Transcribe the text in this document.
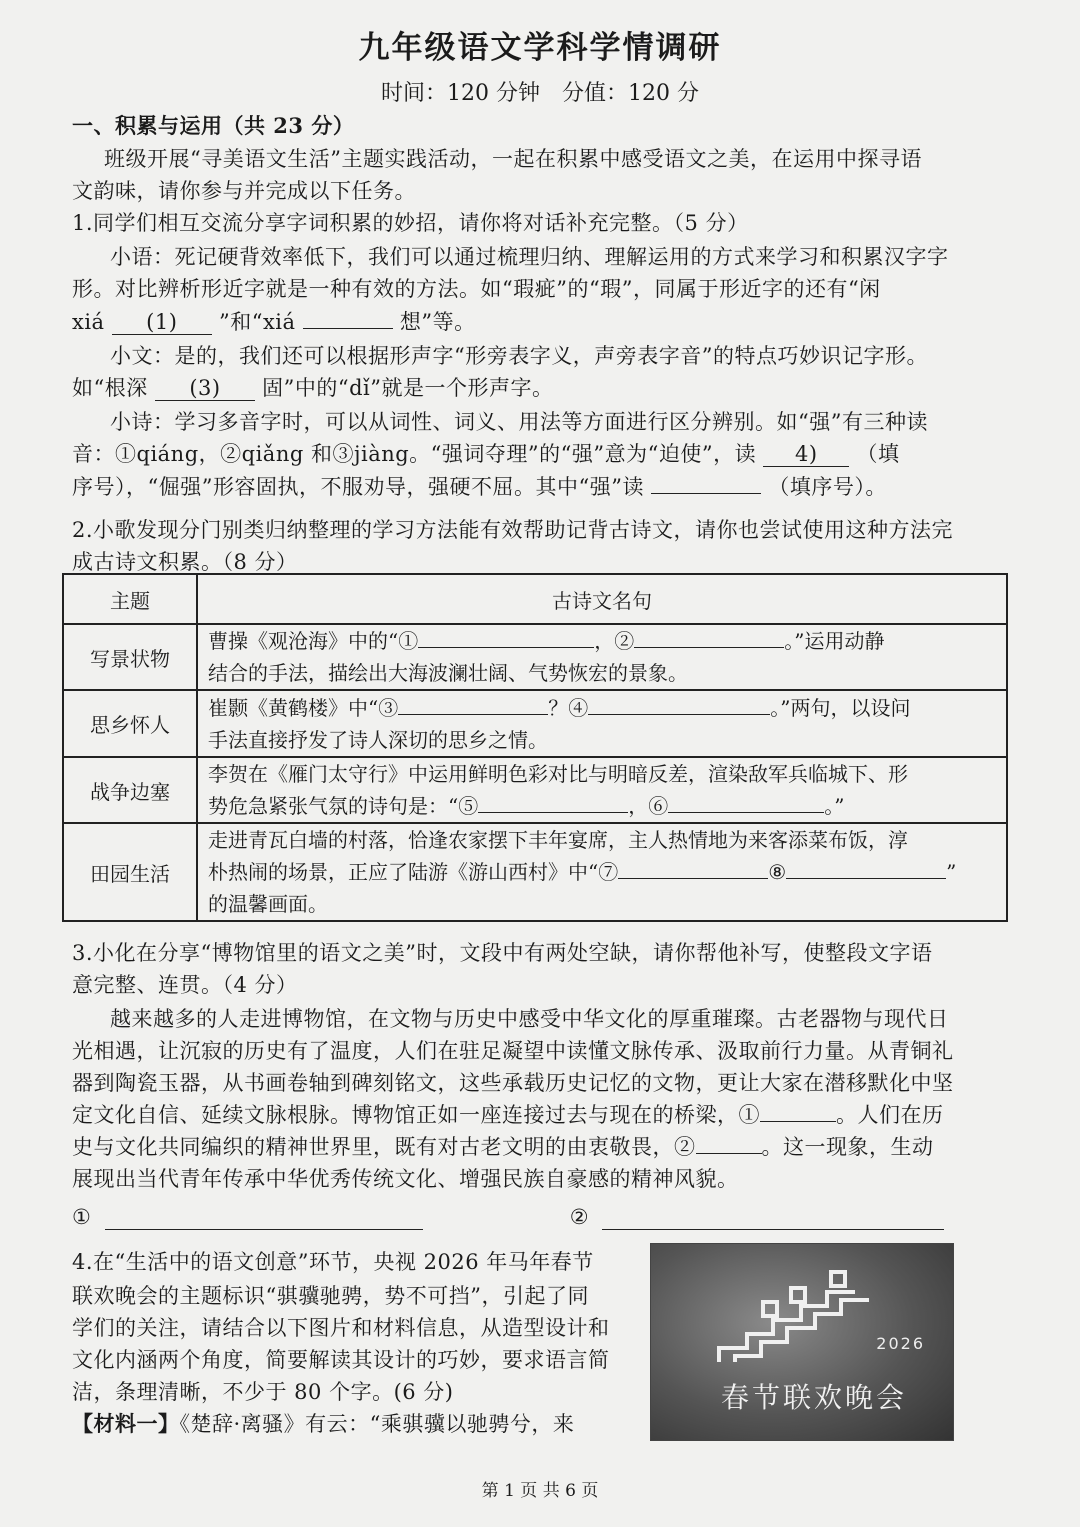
九年级语文学科学情调研
时间：120 分钟　分值：120 分
一、积累与运用（共 23 分）
班级开展“寻美语文生活”主题实践活动，一起在积累中感受语文之美，在运用中探寻语
文韵味，请你参与并完成以下任务。
1.同学们相互交流分享字词积累的妙招，请你将对话补充完整。（5 分）
小语：死记硬背效率低下，我们可以通过梳理归纳、理解运用的方式来学习和积累汉字字
形。对比辨析形近字就是一种有效的方法。如“瑕疵”的“瑕”，同属于形近字的还有“闲
xiá (1) ”和“xiá	想”等。
小文：是的，我们还可以根据形声字“形旁表字义，声旁表字音”的特点巧妙识记字形。
如“根深 (3) 固”中的“dǐ”就是一个形声字。
小诗：学习多音字时，可以从词性、词义、用法等方面进行区分辨别。如“强”有三种读
音：①qiáng，②qiǎng 和③jiàng。“强词夺理”的“强”意为“迫使”，读 4) （填
序号），“倔强”形容固执，不服劝导，强硬不屈。其中“强”读	（填序号）。
2.小歌发现分门别类归纳整理的学习方法能有效帮助记背古诗文，请你也尝试使用这种方法完
成古诗文积累。（8 分）
主题	古诗文名句
写景状物	曹操《观沧海》中的“① ，② 。”运用动静
结合的手法，描绘出大海波澜壮阔、气势恢宏的景象。

思乡怀人	崔颢《黄鹤楼》中“③ ？④ 。”两句，以设问
手法直接抒发了诗人深切的思乡之情。

战争边塞	李贺在《雁门太守行》中运用鲜明色彩对比与明暗反差，渲染敌军兵临城下、形
势危急紧张气氛的诗句是：“⑤ ，⑥ 。”

田园生活	走进青瓦白墙的村落，恰逢农家摆下丰年宴席，主人热情地为来客添菜布饭，淳
朴热闹的场景，正应了陆游《游山西村》中“⑦ ⑧ ”
的温馨画面。
3.小化在分享“博物馆里的语文之美”时，文段中有两处空缺，请你帮他补写，使整段文字语
意完整、连贯。（4 分）
越来越多的人走进博物馆，在文物与历史中感受中华文化的厚重璀璨。古老器物与现代日
光相遇，让沉寂的历史有了温度，人们在驻足凝望中读懂文脉传承、汲取前行力量。从青铜礼
器到陶瓷玉器，从书画卷轴到碑刻铭文，这些承载历史记忆的文物，更让大家在潜移默化中坚
定文化自信、延续文脉根脉。博物馆正如一座连接过去与现在的桥梁，①	。人们在历
史与文化共同编织的精神世界里，既有对古老文明的由衷敬畏，②	。这一现象，生动
展现出当代青年传承中华优秀传统文化、增强民族自豪感的精神风貌。
①	②
4.在“生活中的语文创意”环节，央视 2026 年马年春节
联欢晚会的主题标识“骐骥驰骋，势不可挡”，引起了同
学们的关注，请结合以下图片和材料信息，从造型设计和
文化内涵两个角度，简要解读其设计的巧妙，要求语言简
洁，条理清晰，不少于 80 个字。(6 分)
【材料一】《楚辞·离骚》有云：“乘骐骥以驰骋兮，来
2026
春节联欢晚会
第 1 页 共 6 页
